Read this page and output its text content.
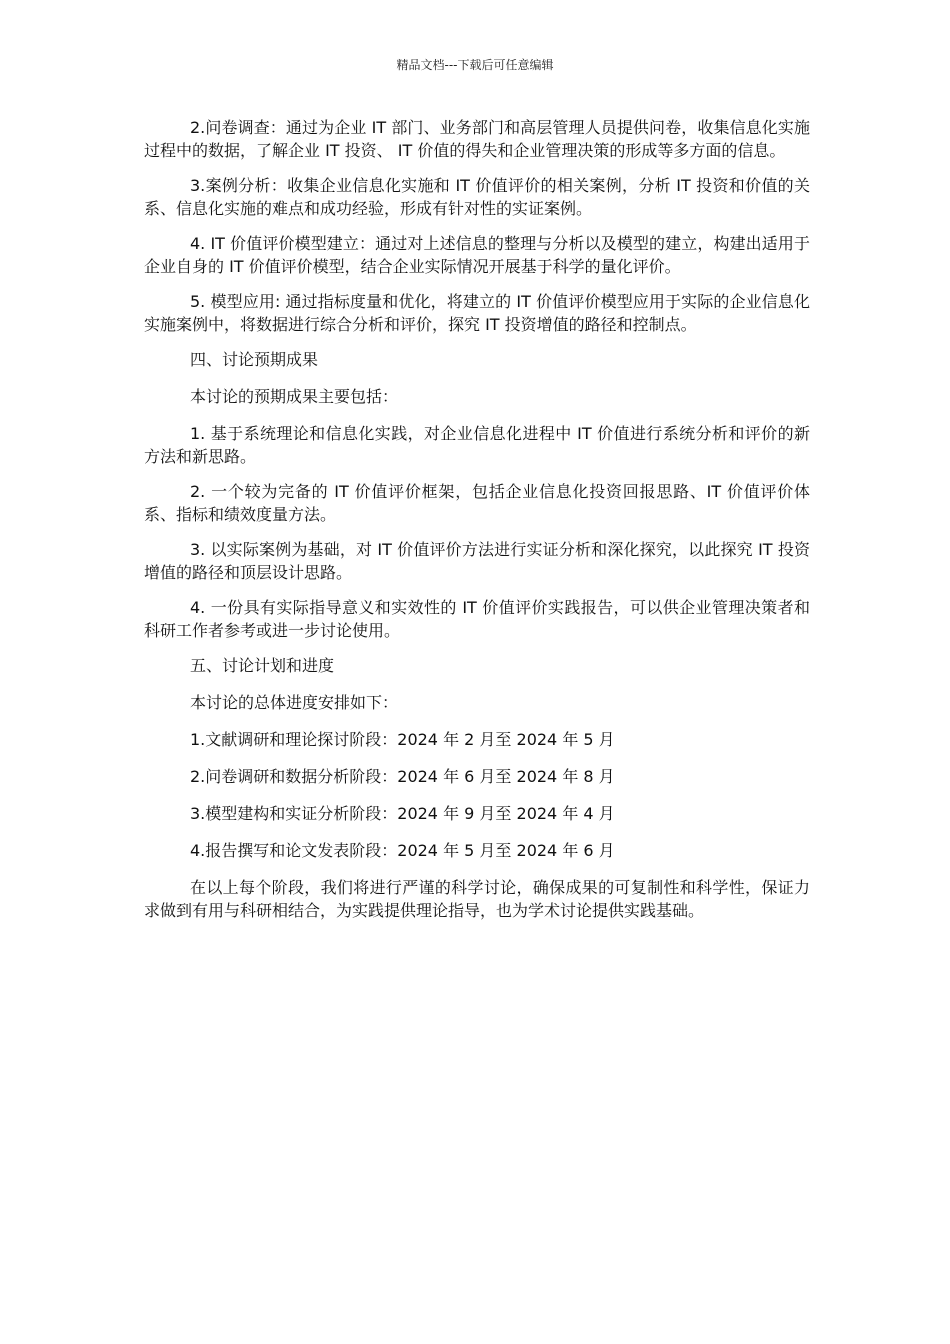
精品文档---下载后可任意编辑

2.问卷调查：通过为企业 IT 部门、业务部门和高层管理人员提供问卷，收集信息化实施过程中的数据，了解企业 IT 投资、 IT 价值的得失和企业管理决策的形成等多方面的信息。

3.案例分析：收集企业信息化实施和 IT 价值评价的相关案例，分析 IT 投资和价值的关系、信息化实施的难点和成功经验，形成有针对性的实证案例。

4. IT 价值评价模型建立：通过对上述信息的整理与分析以及模型的建立，构建出适用于企业自身的 IT 价值评价模型，结合企业实际情况开展基于科学的量化评价。

5. 模型应用: 通过指标度量和优化，将建立的 IT 价值评价模型应用于实际的企业信息化实施案例中，将数据进行综合分析和评价，探究 IT 投资增值的路径和控制点。

四、讨论预期成果

本讨论的预期成果主要包括：

1. 基于系统理论和信息化实践，对企业信息化进程中 IT 价值进行系统分析和评价的新方法和新思路。

2. 一个较为完备的 IT 价值评价框架，包括企业信息化投资回报思路、IT 价值评价体系、指标和绩效度量方法。

3. 以实际案例为基础，对 IT 价值评价方法进行实证分析和深化探究，以此探究 IT 投资增值的路径和顶层设计思路。

4. 一份具有实际指导意义和实效性的 IT 价值评价实践报告，可以供企业管理决策者和科研工作者参考或进一步讨论使用。

五、讨论计划和进度

本讨论的总体进度安排如下：

1.文献调研和理论探讨阶段：2024 年 2 月至 2024 年 5 月

2.问卷调研和数据分析阶段：2024 年 6 月至 2024 年 8 月

3.模型建构和实证分析阶段：2024 年 9 月至 2024 年 4 月

4.报告撰写和论文发表阶段：2024 年 5 月至 2024 年 6 月

在以上每个阶段，我们将进行严谨的科学讨论，确保成果的可复制性和科学性，保证力求做到有用与科研相结合，为实践提供理论指导，也为学术讨论提供实践基础。
